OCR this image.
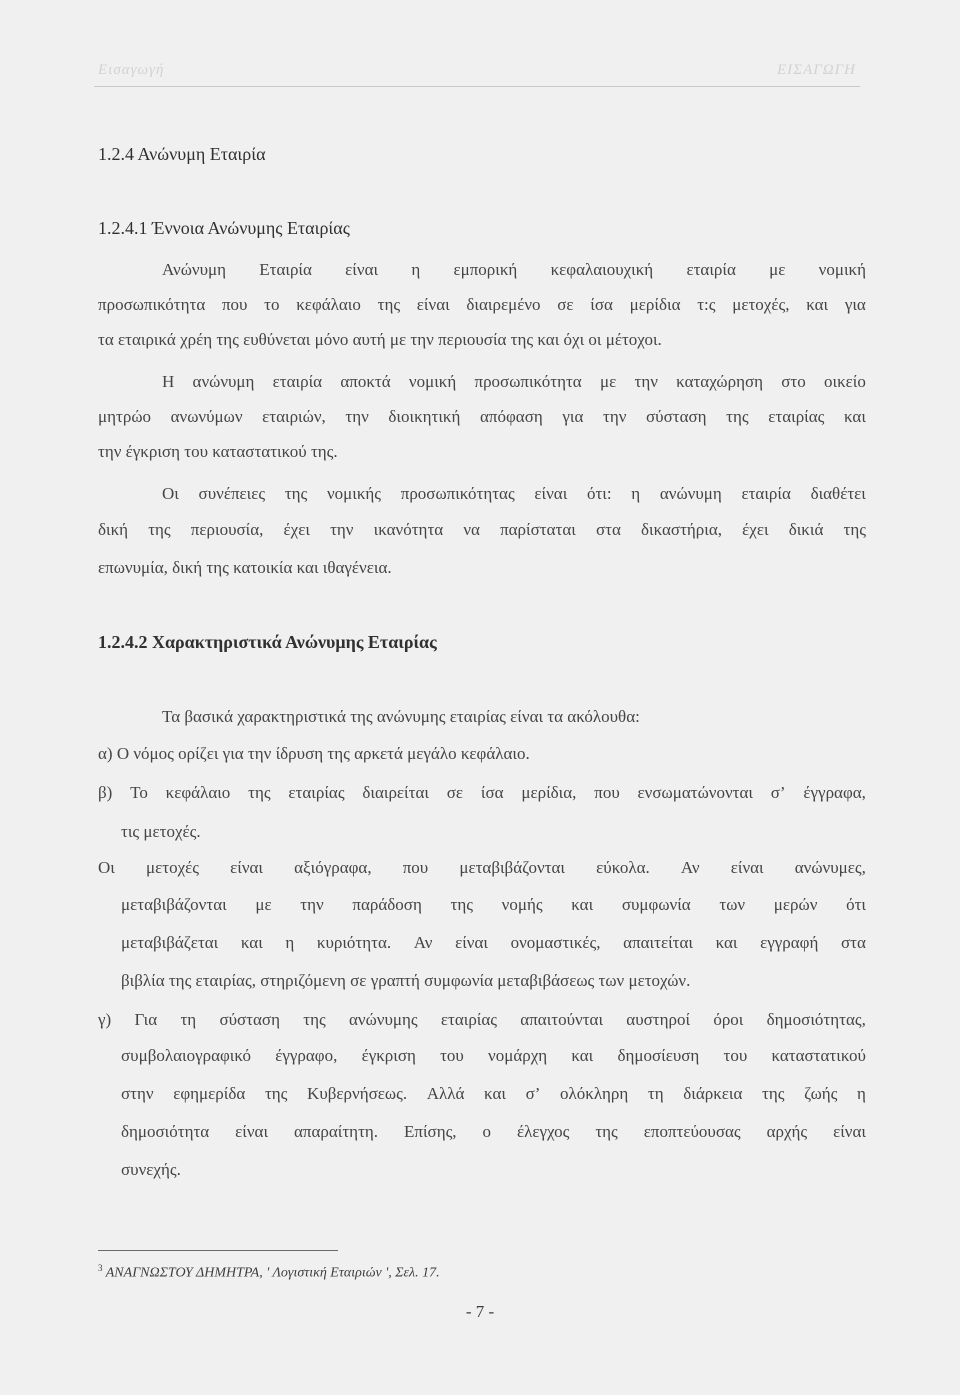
Εισαγωγή	ΕΙΣΑΓΩΓΗ
1.2.4 Ανώνυμη Εταιρία
1.2.4.1 Έννοια Ανώνυμης Εταιρίας
Ανώνυμη Εταιρία είναι η εμπορική κεφαλαιουχική εταιρία με νομική
προσωπικότητα που το κεφάλαιο της είναι διαιρεμένο σε ίσα μερίδια τ:ς μετοχές, και για
τα εταιρικά χρέη της ευθύνεται μόνο αυτή με την περιουσία της και όχι οι μέτοχοι.
Η ανώνυμη εταιρία αποκτά νομική προσωπικότητα με την καταχώρηση στο οικείο
μητρώο ανωνύμων εταιριών, την διοικητική απόφαση για την σύσταση της εταιρίας και
την έγκριση του καταστατικού της.
Οι συνέπειες της νομικής προσωπικότητας είναι ότι: η ανώνυμη εταιρία διαθέτει
δική της περιουσία, έχει την ικανότητα να παρίσταται στα δικαστήρια, έχει δικιά της
επωνυμία, δική της κατοικία και ιθαγένεια.
1.2.4.2 Χαρακτηριστικά Ανώνυμης Εταιρίας
Τα βασικά χαρακτηριστικά της ανώνυμης εταιρίας είναι τα ακόλουθα:
α) Ο νόμος ορίζει για την ίδρυση της αρκετά μεγάλο κεφάλαιο.
β) Το κεφάλαιο της εταιρίας διαιρείται σε ίσα μερίδια, που ενσωματώνονται σ’ έγγραφα,
τις μετοχές.
Οι μετοχές είναι αξιόγραφα, που μεταβιβάζονται εύκολα. Αν είναι ανώνυμες,
μεταβιβάζονται με την παράδοση της νομής και συμφωνία των μερών ότι
μεταβιβάζεται και η κυριότητα. Αν είναι ονομαστικές, απαιτείται και εγγραφή στα
βιβλία της εταιρίας, στηριζόμενη σε γραπτή συμφωνία μεταβιβάσεως των μετοχών.
γ) Για τη σύσταση της ανώνυμης εταιρίας απαιτούνται αυστηροί όροι δημοσιότητας,
συμβολαιογραφικό έγγραφο, έγκριση του νομάρχη και δημοσίευση του καταστατικού
στην εφημερίδα της Κυβερνήσεως. Αλλά και σ’ ολόκληρη τη διάρκεια της ζωής η
δημοσιότητα είναι απαραίτητη. Επίσης, ο έλεγχος της εποπτεύουσας αρχής είναι
συνεχής.
$^3$ ΑΝΑΓΝΩΣΤΟΥ ΔΗΜΗΤΡΑ, ' Λογιστική Εταιριών ', Σελ. 17.
- 7 -
